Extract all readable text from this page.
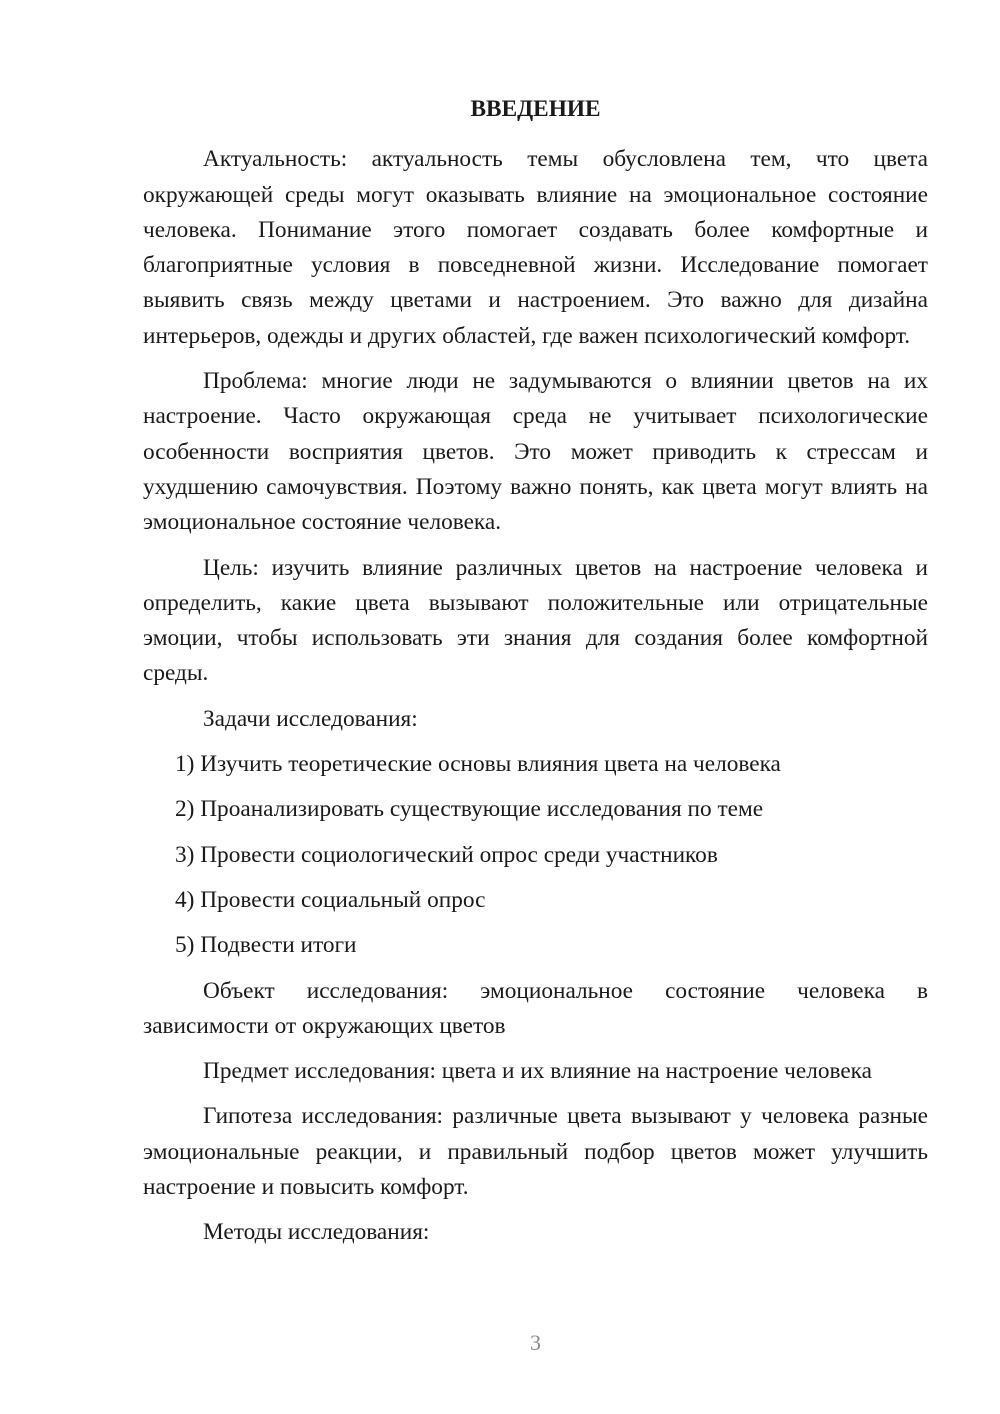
ВВЕДЕНИЕ

Актуальность: актуальность темы обусловлена тем, что цвета окружающей среды могут оказывать влияние на эмоциональное состояние человека. Понимание этого помогает создавать более комфортные и благоприятные условия в повседневной жизни. Исследование помогает выявить связь между цветами и настроением. Это важно для дизайна интерьеров, одежды и других областей, где важен психологический комфорт.

Проблема: многие люди не задумываются о влиянии цветов на их настроение. Часто окружающая среда не учитывает психологические особенности восприятия цветов. Это может приводить к стрессам и ухудшению самочувствия. Поэтому важно понять, как цвета могут влиять на эмоциональное состояние человека.

Цель: изучить влияние различных цветов на настроение человека и определить, какие цвета вызывают положительные или отрицательные эмоции, чтобы использовать эти знания для создания более комфортной среды.

Задачи исследования:

1) Изучить теоретические основы влияния цвета на человека

2) Проанализировать существующие исследования по теме

3) Провести социологический опрос среди участников

4) Провести социальный опрос

5) Подвести итоги

Объект исследования: эмоциональное состояние человека в зависимости от окружающих цветов

Предмет исследования: цвета и их влияние на настроение человека

Гипотеза исследования: различные цвета вызывают у человека разные эмоциональные реакции, и правильный подбор цветов может улучшить настроение и повысить комфорт.

Методы исследования:

3
